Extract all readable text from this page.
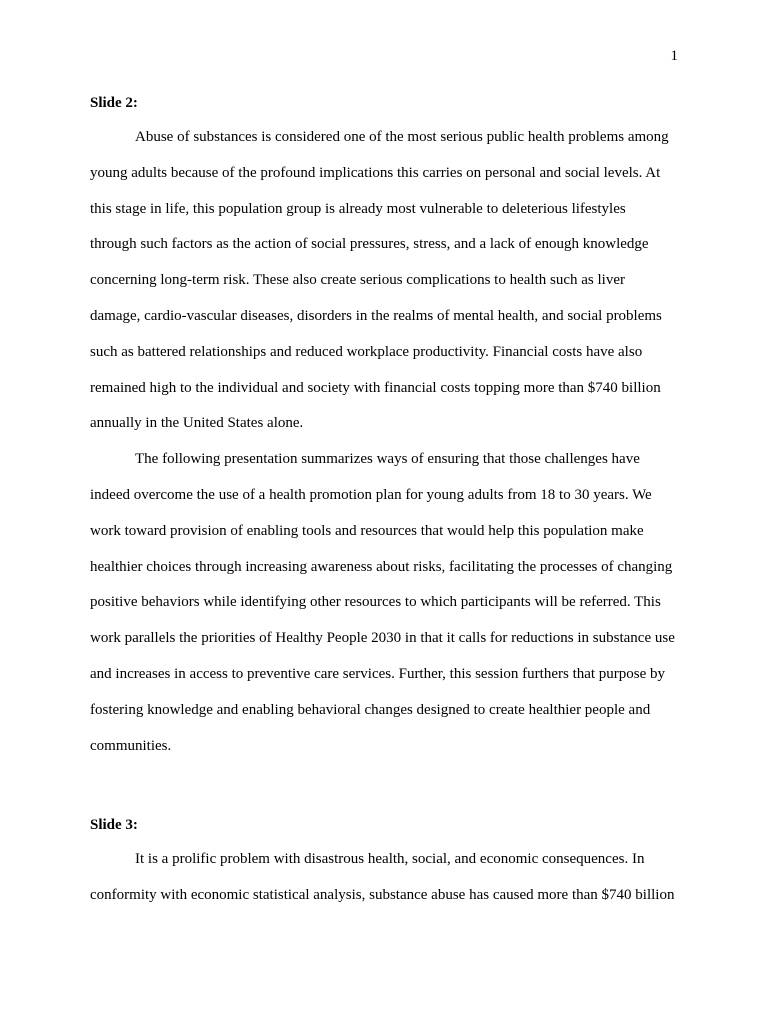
1

Slide 2:

Abuse of substances is considered one of the most serious public health problems among
young adults because of the profound implications this carries on personal and social levels. At
this stage in life, this population group is already most vulnerable to deleterious lifestyles
through such factors as the action of social pressures, stress, and a lack of enough knowledge
concerning long-term risk. These also create serious complications to health such as liver
damage, cardio-vascular diseases, disorders in the realms of mental health, and social problems
such as battered relationships and reduced workplace productivity. Financial costs have also
remained high to the individual and society with financial costs topping more than $740 billion
annually in the United States alone.

The following presentation summarizes ways of ensuring that those challenges have
indeed overcome the use of a health promotion plan for young adults from 18 to 30 years. We
work toward provision of enabling tools and resources that would help this population make
healthier choices through increasing awareness about risks, facilitating the processes of changing
positive behaviors while identifying other resources to which participants will be referred. This
work parallels the priorities of Healthy People 2030 in that it calls for reductions in substance use
and increases in access to preventive care services. Further, this session furthers that purpose by
fostering knowledge and enabling behavioral changes designed to create healthier people and
communities.

Slide 3:

It is a prolific problem with disastrous health, social, and economic consequences. In
conformity with economic statistical analysis, substance abuse has caused more than $740 billion
